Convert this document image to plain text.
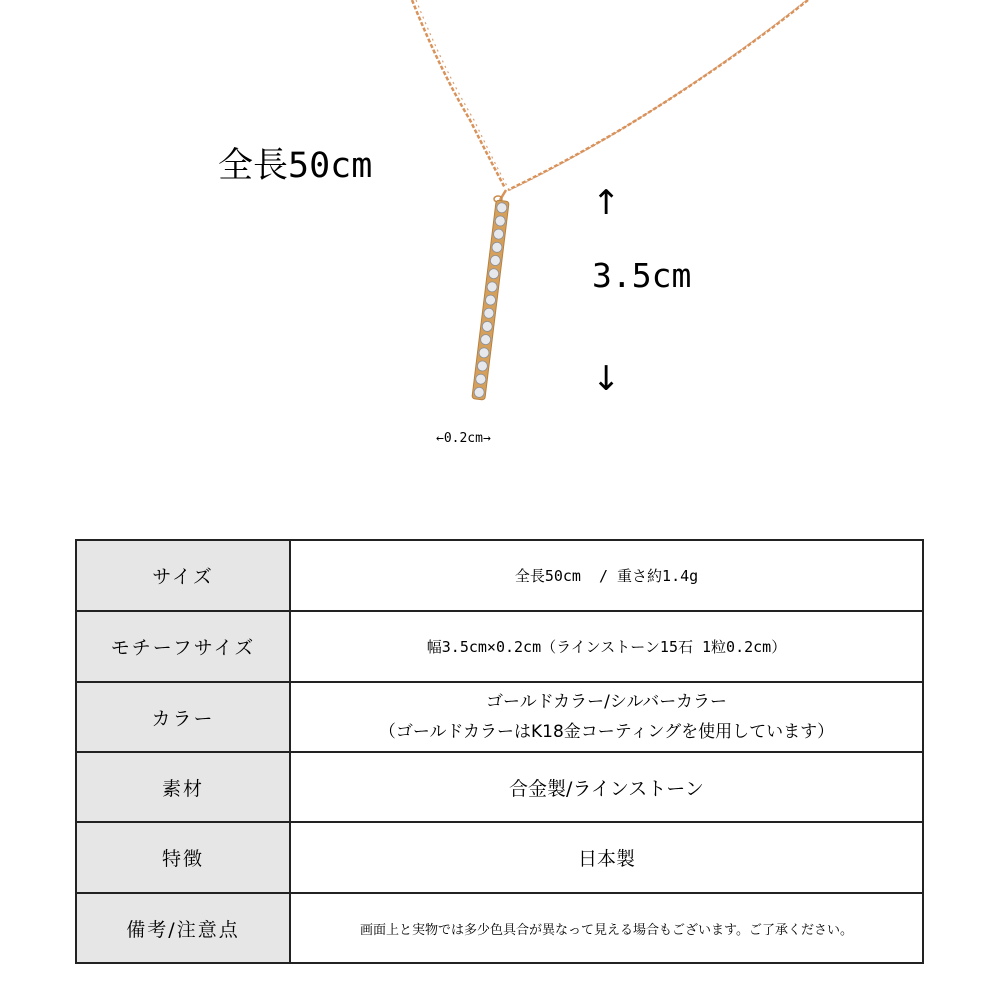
全長50cm
↑
3.5cm
↓
←0.2cm→
サイズ	全長50cm  / 重さ約1.4g
モチーフサイズ	幅3.5cm×0.2cm（ラインストーン15石 1粒0.2cm）
カラー	ゴールドカラー/シルバーカラー
（ゴールドカラーはK18金コーティングを使用しています）

素材	合金製/ラインストーン
特徴	日本製
備考/注意点	画面上と実物では多少色具合が異なって見える場合もございます。ご了承ください。
